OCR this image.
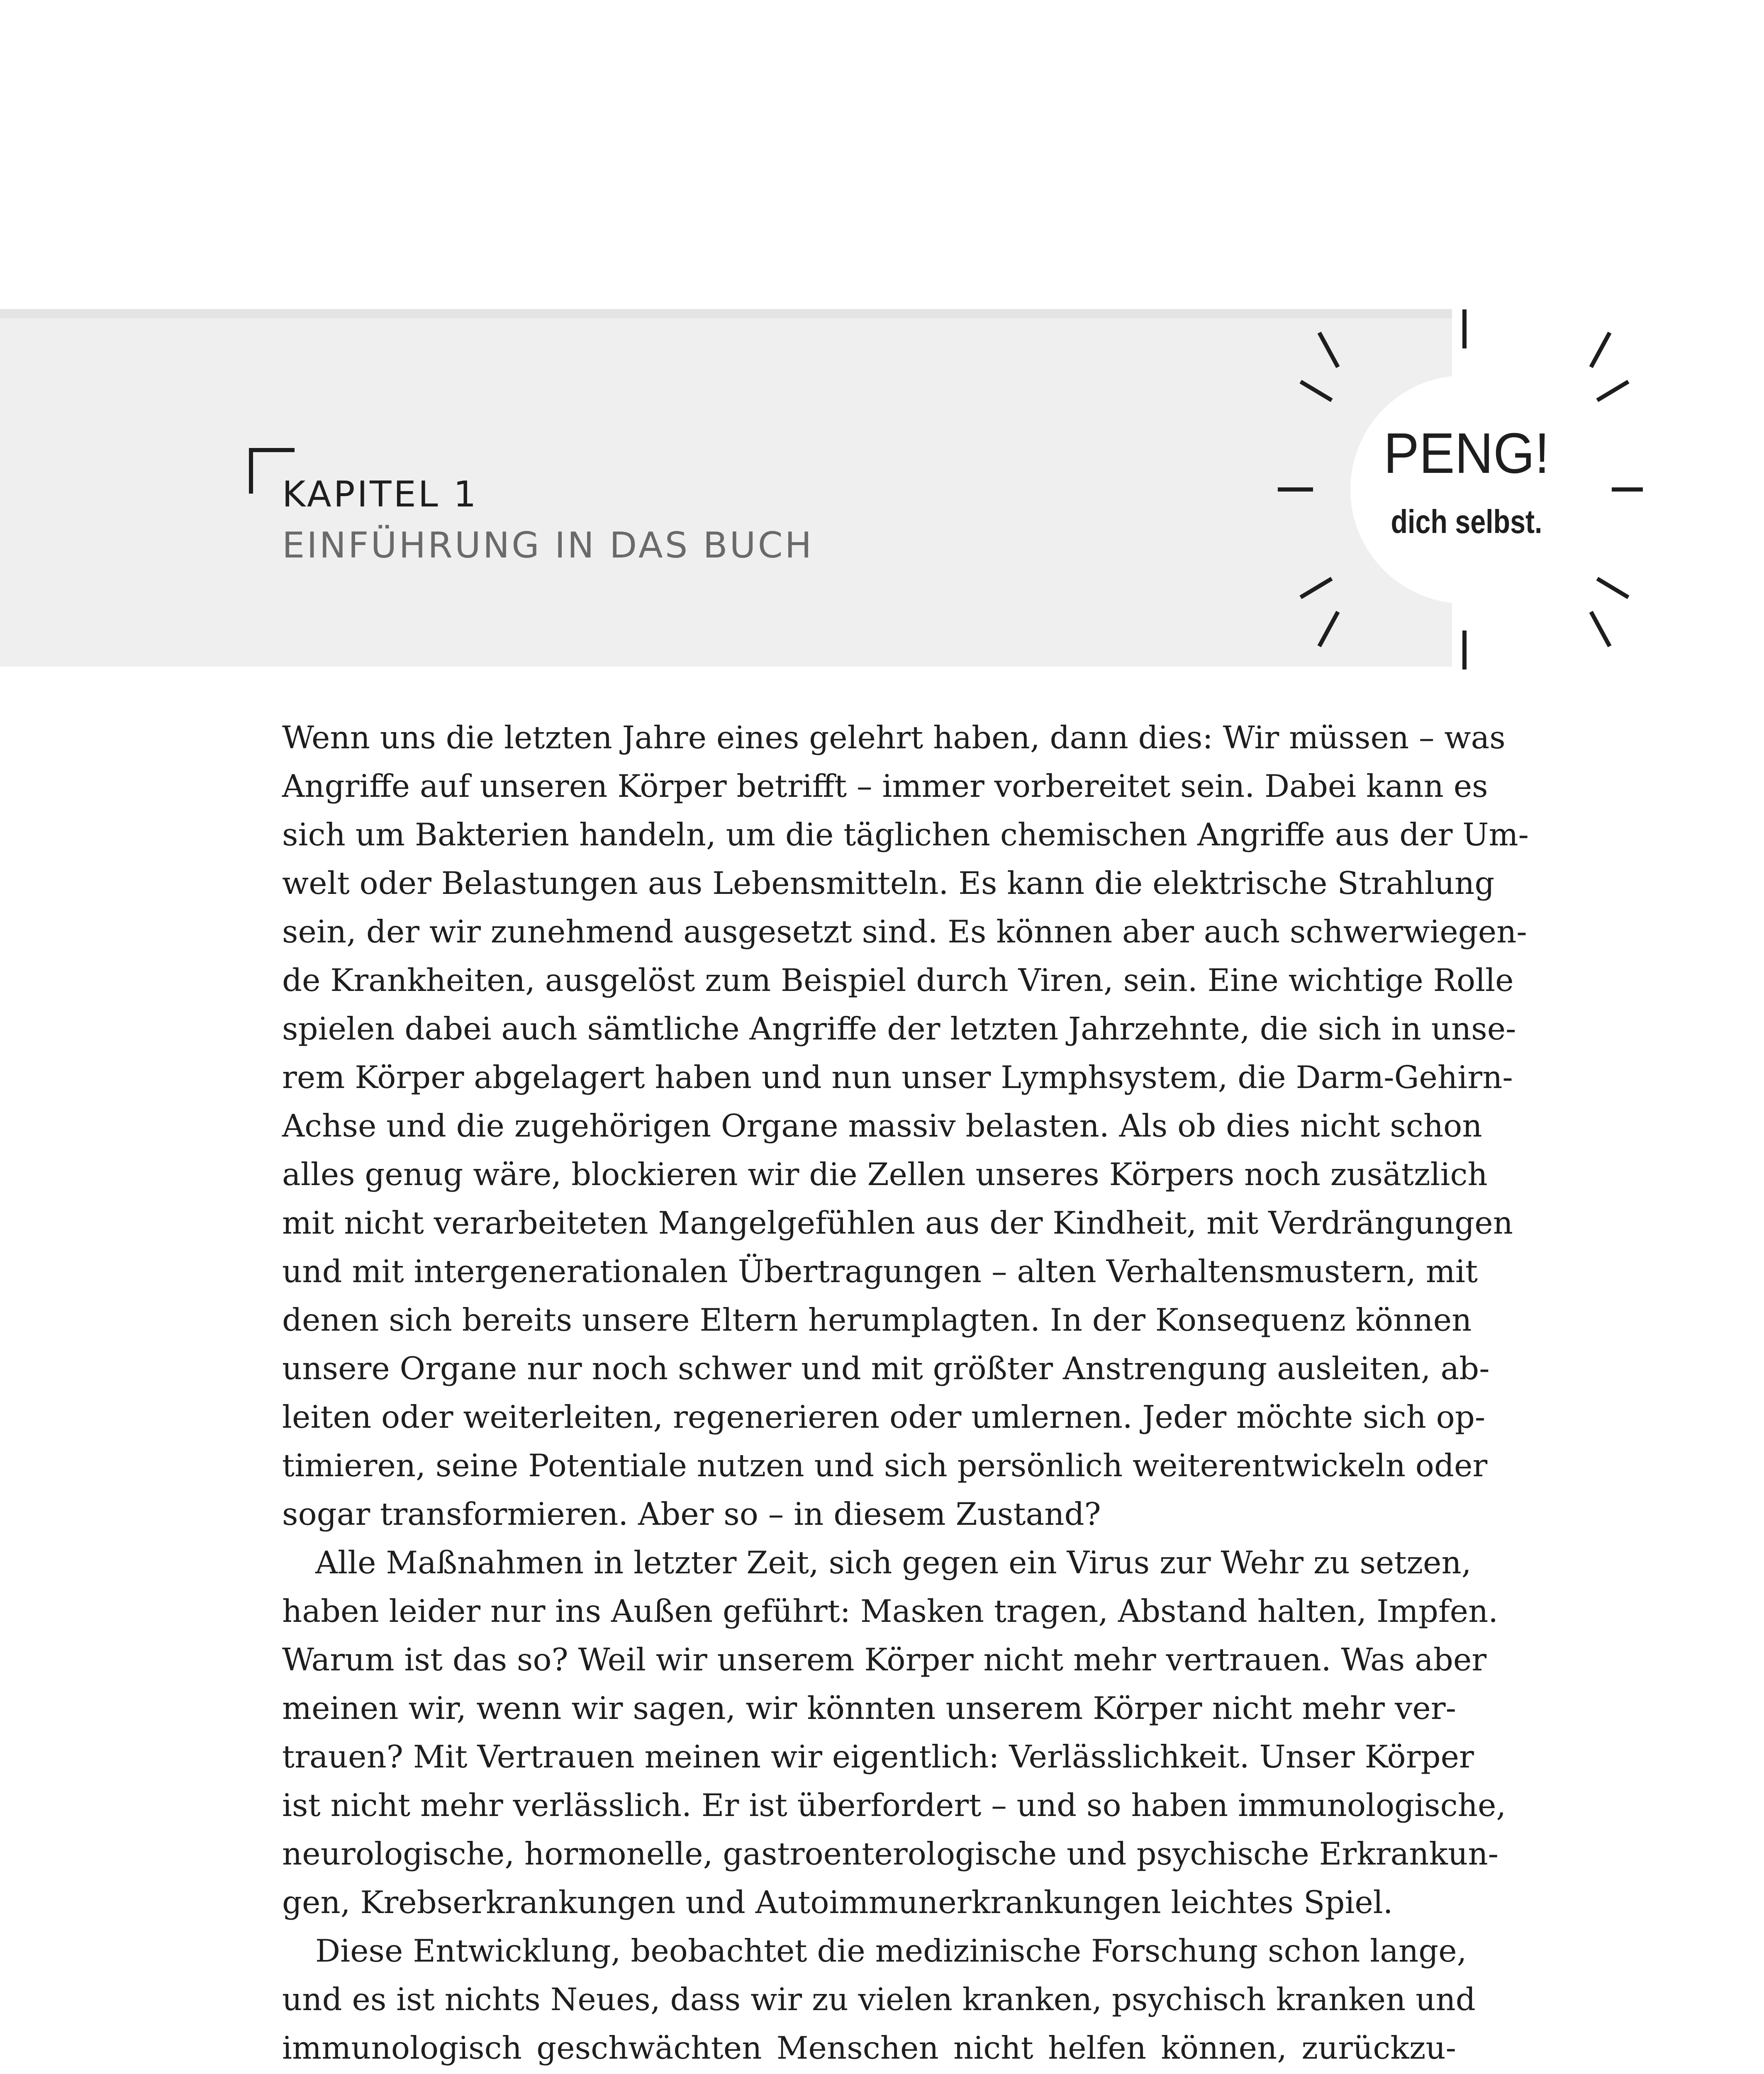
KAPITEL 1
EINFÜHRUNG IN DAS BUCH
PENG!
dich selbst.
Wenn uns die letzten Jahre eines gelehrt haben, dann dies: Wir müssen – was
Angriffe auf unseren Körper betrifft – immer vorbereitet sein. Dabei kann es
sich um Bakterien handeln, um die täglichen chemischen Angriffe aus der Um-
welt oder Belastungen aus Lebensmitteln. Es kann die elektrische Strahlung
sein, der wir zunehmend ausgesetzt sind. Es können aber auch schwerwiegen-
de Krankheiten, ausgelöst zum Beispiel durch Viren, sein. Eine wichtige Rolle
spielen dabei auch sämtliche Angriffe der letzten Jahrzehnte, die sich in unse-
rem Körper abgelagert haben und nun unser Lymphsystem, die Darm-Gehirn-
Achse und die zugehörigen Organe massiv belasten. Als ob dies nicht schon
alles genug wäre, blockieren wir die Zellen unseres Körpers noch zusätzlich
mit nicht verarbeiteten Mangelgefühlen aus der Kindheit, mit Verdrängungen
und mit intergenerationalen Übertragungen – alten Verhaltensmustern, mit
denen sich bereits unsere Eltern herumplagten. In der Konsequenz können
unsere Organe nur noch schwer und mit größter Anstrengung ausleiten, ab-
leiten oder weiterleiten, regenerieren oder umlernen. Jeder möchte sich op-
timieren, seine Potentiale nutzen und sich persönlich weiterentwickeln oder
sogar transformieren. Aber so – in diesem Zustand?
Alle Maßnahmen in letzter Zeit, sich gegen ein Virus zur Wehr zu setzen,
haben leider nur ins Außen geführt: Masken tragen, Abstand halten, Impfen.
Warum ist das so? Weil wir unserem Körper nicht mehr vertrauen. Was aber
meinen wir, wenn wir sagen, wir könnten unserem Körper nicht mehr ver-
trauen? Mit Vertrauen meinen wir eigentlich: Verlässlichkeit. Unser Körper
ist nicht mehr verlässlich. Er ist überfordert – und so haben immunologische,
neurologische, hormonelle, gastroenterologische und psychische Erkrankun-
gen, Krebserkrankungen und Autoimmunerkrankungen leichtes Spiel.
Diese Entwicklung, beobachtet die medizinische Forschung schon lange,
und es ist nichts Neues, dass wir zu vielen kranken, psychisch kranken und
immunologisch geschwächten Menschen nicht helfen können, zurückzu-
